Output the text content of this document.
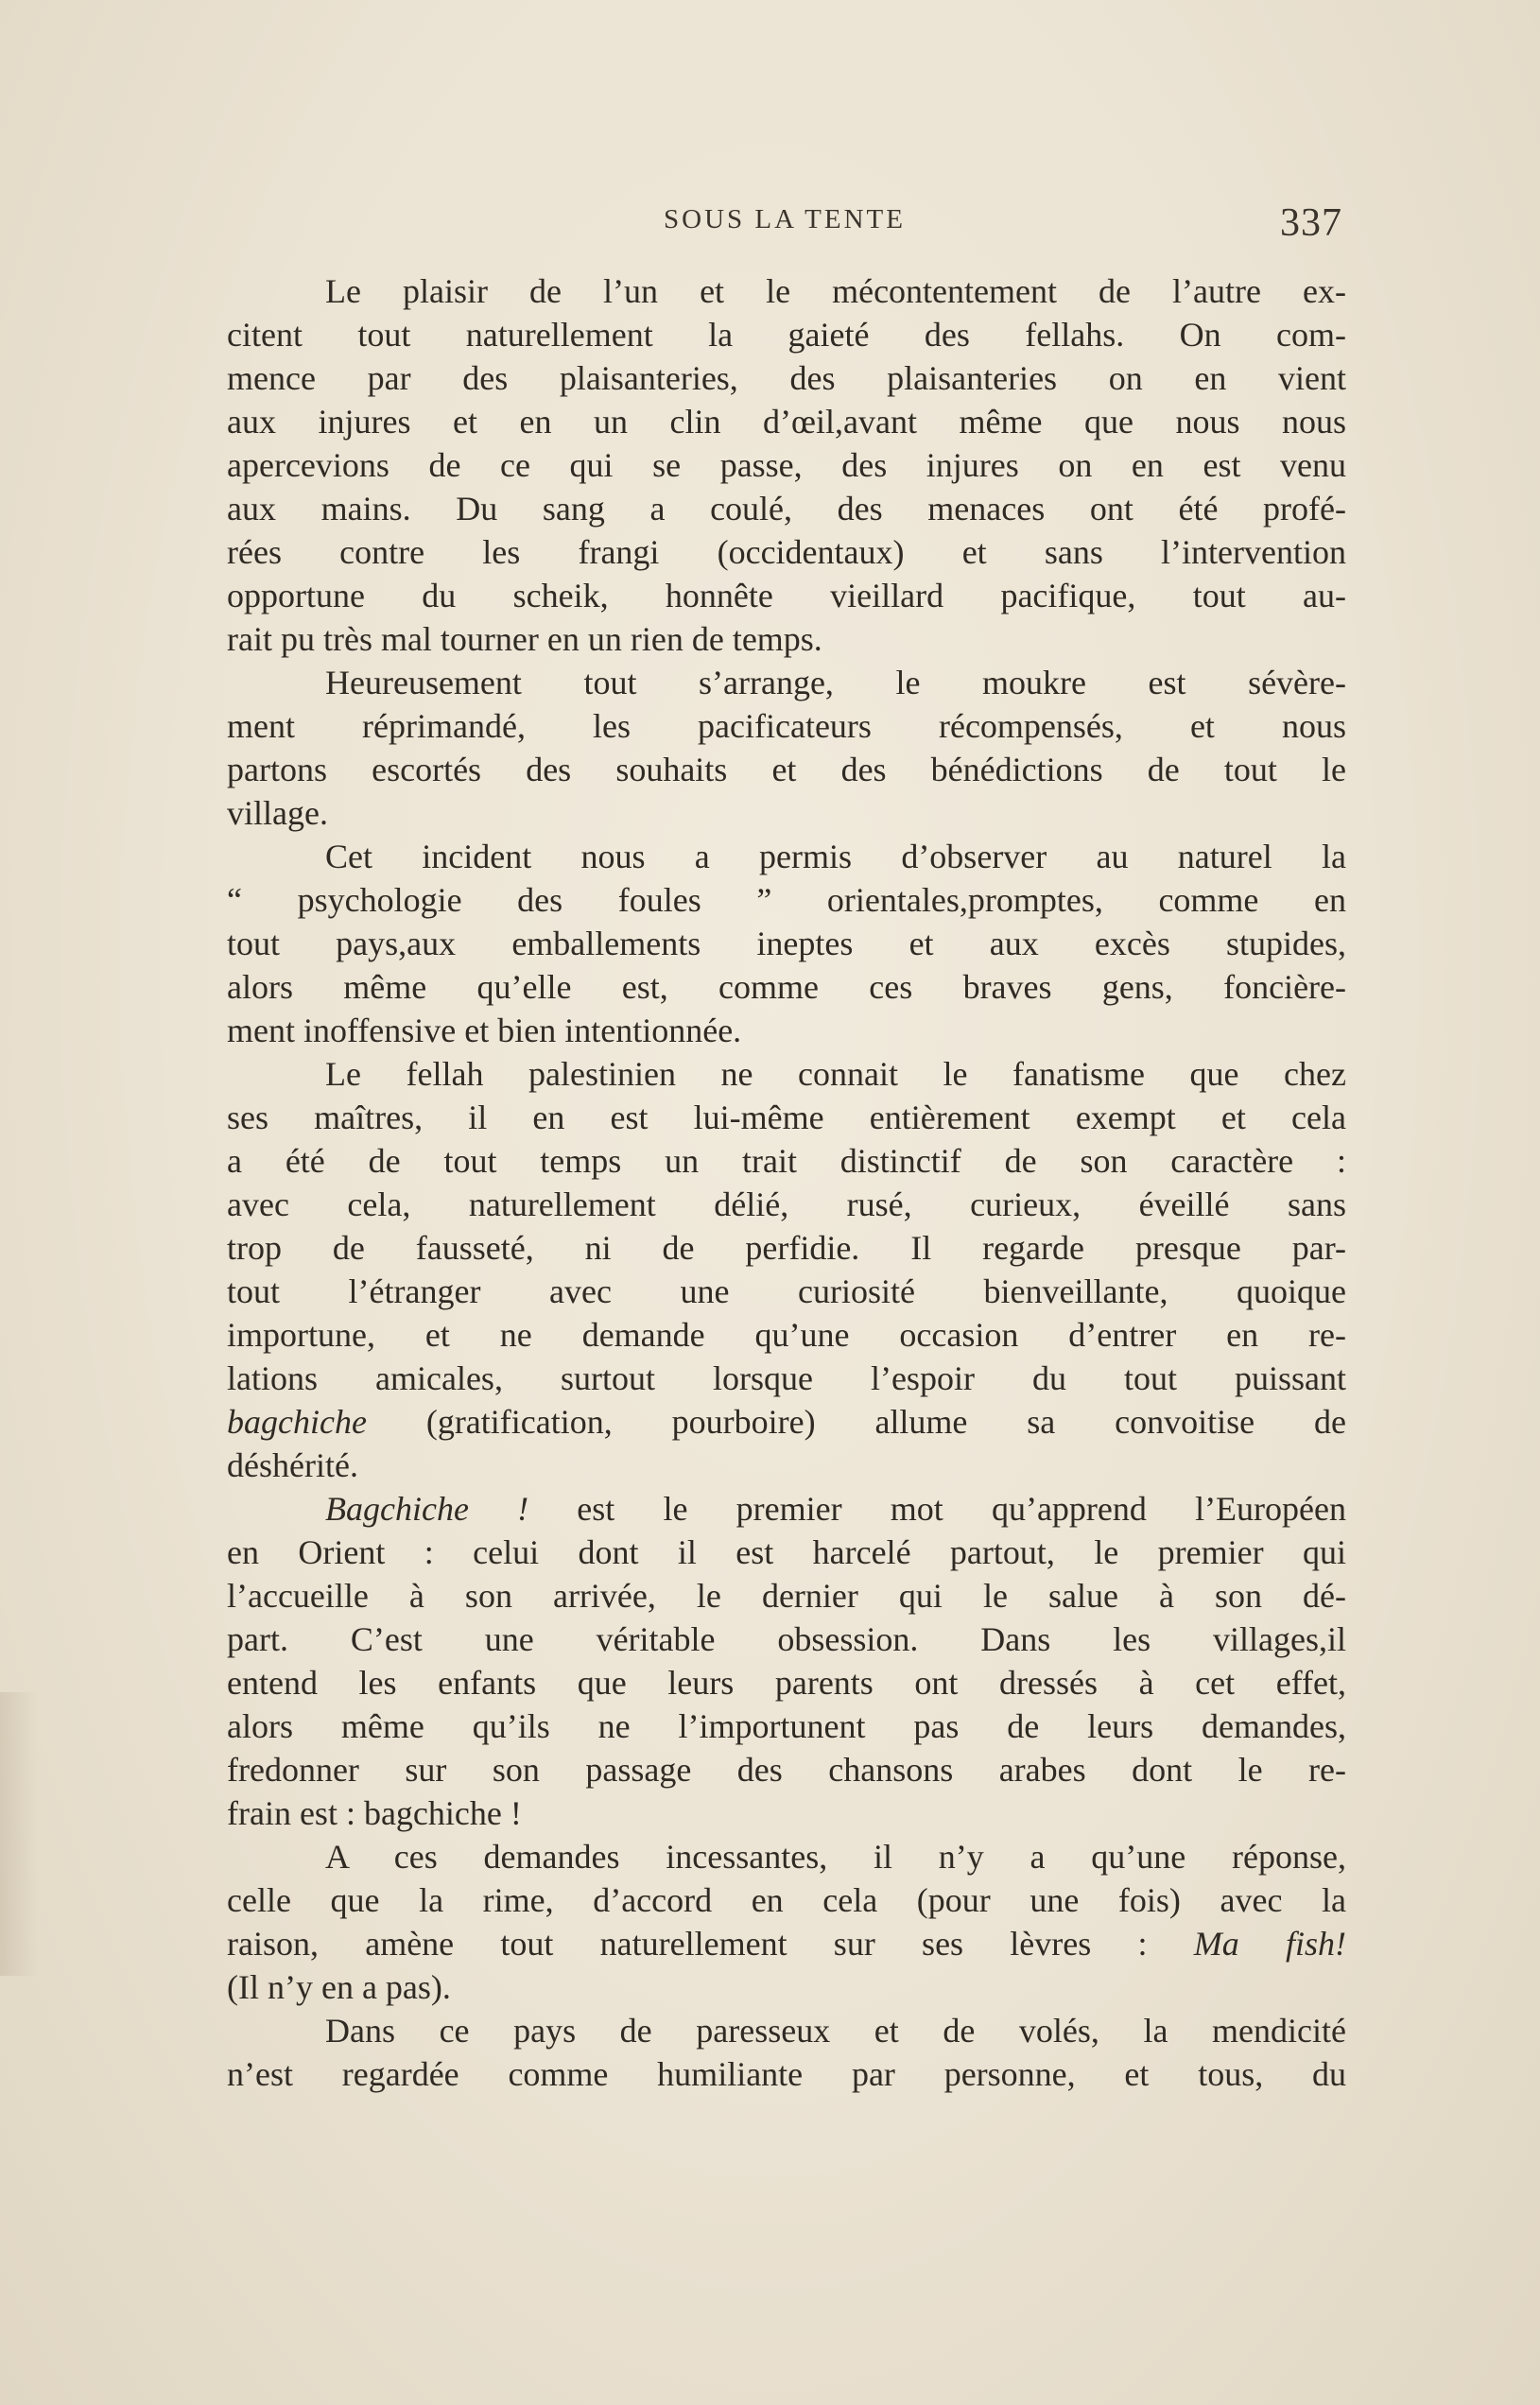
SOUS LA TENTE	337
Le plaisir de l’un et le mécontentement de l’autre ex-
citent tout naturellement la gaieté des fellahs. On com-
mence par des plaisanteries, des plaisanteries on en vient
aux injures et en un clin d’œil,avant même que nous nous
apercevions de ce qui se passe, des injures on en est venu
aux mains. Du sang a coulé, des menaces ont été profé-
rées contre les frangi (occidentaux) et sans l’intervention
opportune du scheik, honnête vieillard pacifique, tout au-
rait pu très mal tourner en un rien de temps.
Heureusement tout s’arrange, le moukre est sévère-
ment réprimandé, les pacificateurs récompensés, et nous
partons escortés des souhaits et des bénédictions de tout le
village.
Cet incident nous a permis d’observer au naturel la
“ psychologie des foules ” orientales,promptes, comme en
tout pays,aux emballements ineptes et aux excès stupides,
alors même qu’elle est, comme ces braves gens, foncière-
ment inoffensive et bien intentionnée.
Le fellah palestinien ne connait le fanatisme que chez
ses maîtres, il en est lui-même entièrement exempt et cela
a été de tout temps un trait distinctif de son caractère :
avec cela, naturellement délié, rusé, curieux, éveillé sans
trop de fausseté, ni de perfidie. Il regarde presque par-
tout l’étranger avec une curiosité bienveillante, quoique
importune, et ne demande qu’une occasion d’entrer en re-
lations amicales, surtout lorsque l’espoir du tout puissant
bagchiche (gratification, pourboire) allume sa convoitise de
déshérité.
Bagchiche ! est le premier mot qu’apprend l’Européen
en Orient : celui dont il est harcelé partout, le premier qui
l’accueille à son arrivée, le dernier qui le salue à son dé-
part. C’est une véritable obsession. Dans les villages,il
entend les enfants que leurs parents ont dressés à cet effet,
alors même qu’ils ne l’importunent pas de leurs demandes,
fredonner sur son passage des chansons arabes dont le re-
frain est : bagchiche !
A ces demandes incessantes, il n’y a qu’une réponse,
celle que la rime, d’accord en cela (pour une fois) avec la
raison, amène tout naturellement sur ses lèvres : Ma fish!
(Il n’y en a pas).
Dans ce pays de paresseux et de volés, la mendicité
n’est regardée comme humiliante par personne, et tous, du
